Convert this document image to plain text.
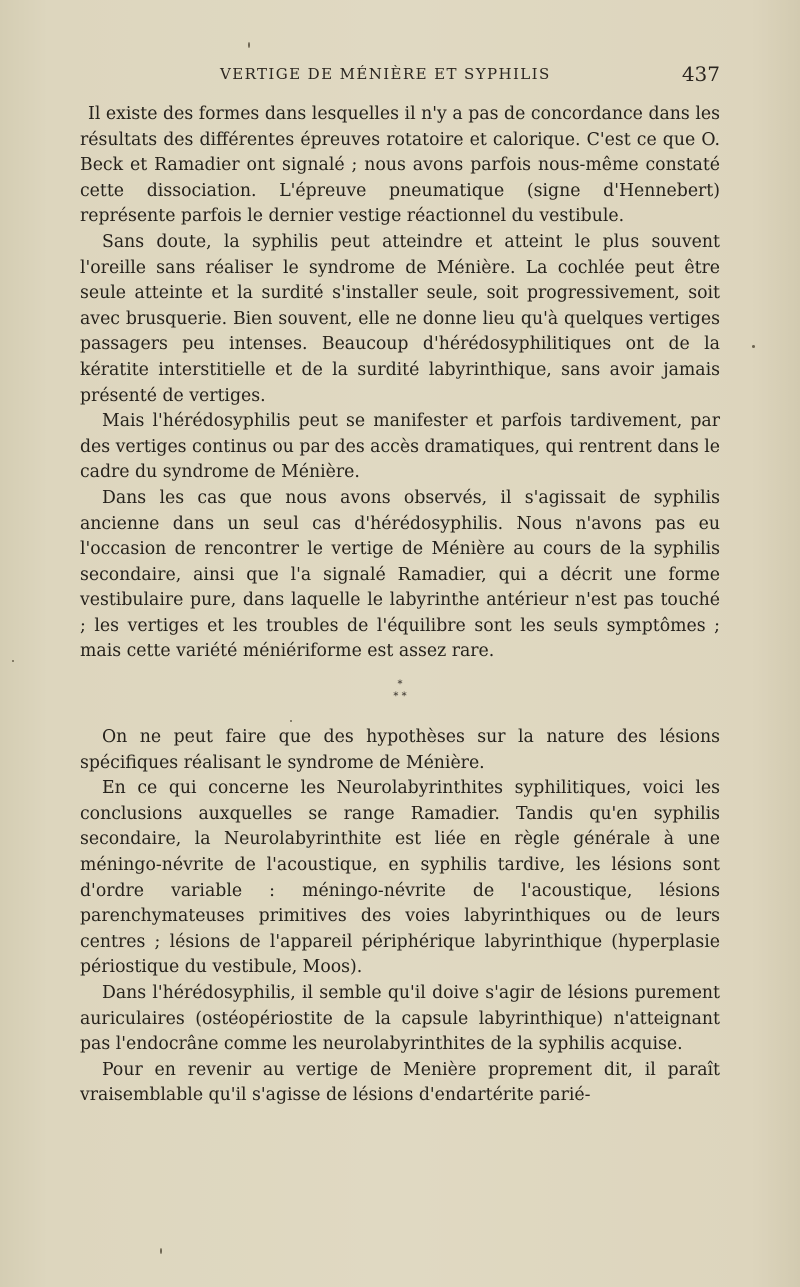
VERTIGE DE MÉNIÈRE ET SYPHILIS	437

Il existe des formes dans lesquelles il n'y a pas de concordance dans les résultats des différentes épreuves rotatoire et calorique. C'est ce que O. Beck et Ramadier ont signalé ; nous avons parfois nous-même constaté cette dissociation. L'épreuve pneumatique (signe d'Hennebert) représente parfois le dernier vestige réactionnel du vestibule.

Sans doute, la syphilis peut atteindre et atteint le plus souvent l'oreille sans réaliser le syndrome de Ménière. La cochlée peut être seule atteinte et la surdité s'installer seule, soit progressivement, soit avec brusquerie. Bien souvent, elle ne donne lieu qu'à quelques vertiges passagers peu intenses. Beaucoup d'hérédosyphilitiques ont de la kératite interstitielle et de la surdité labyrinthique, sans avoir jamais présenté de vertiges.

Mais l'hérédosyphilis peut se manifester et parfois tardivement, par des vertiges continus ou par des accès dramatiques, qui rentrent dans le cadre du syndrome de Ménière.

Dans les cas que nous avons observés, il s'agissait de syphilis ancienne dans un seul cas d'hérédosyphilis. Nous n'avons pas eu l'occasion de rencontrer le vertige de Ménière au cours de la syphilis secondaire, ainsi que l'a signalé Ramadier, qui a décrit une forme vestibulaire pure, dans laquelle le labyrinthe antérieur n'est pas touché ; les vertiges et les troubles de l'équilibre sont les seuls symptômes ; mais cette variété méniériforme est assez rare.

*
* *

On ne peut faire que des hypothèses sur la nature des lésions spécifiques réalisant le syndrome de Ménière.

En ce qui concerne les Neurolabyrinthites syphilitiques, voici les conclusions auxquelles se range Ramadier. Tandis qu'en syphilis secondaire, la Neurolabyrinthite est liée en règle générale à une méningo-névrite de l'acoustique, en syphilis tardive, les lésions sont d'ordre variable : méningo-névrite de l'acoustique, lésions parenchymateuses primitives des voies labyrinthiques ou de leurs centres ; lésions de l'appareil périphérique labyrinthique (hyperplasie périostique du vestibule, Moos).

Dans l'hérédosyphilis, il semble qu'il doive s'agir de lésions purement auriculaires (ostéopériostite de la capsule labyrinthique) n'atteignant pas l'endocrâne comme les neurolabyrinthites de la syphilis acquise.

Pour en revenir au vertige de Menière proprement dit, il paraît vraisemblable qu'il s'agisse de lésions d'endartérite parié-
